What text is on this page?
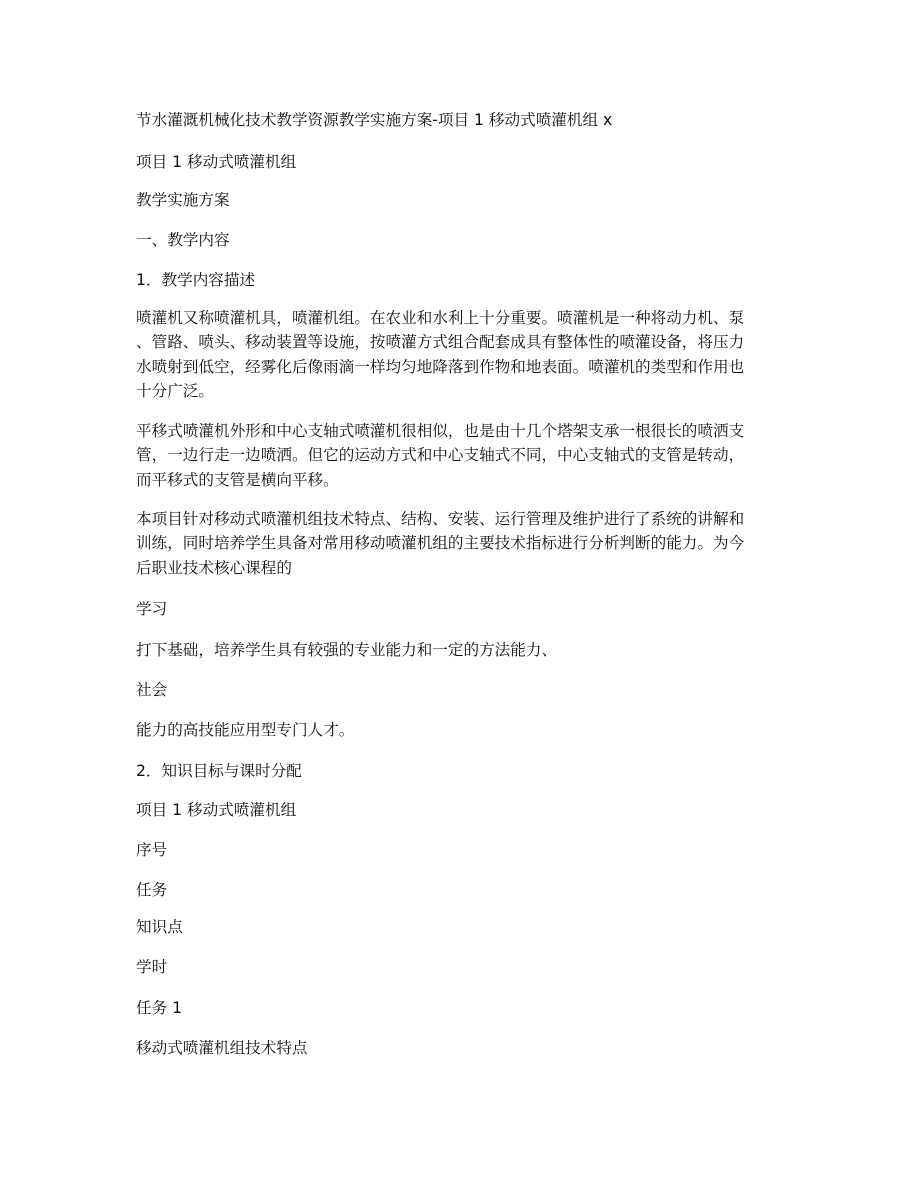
节水灌溉机械化技术教学资源教学实施方案-项目 1 移动式喷灌机组 x
项目 1 移动式喷灌机组
教学实施方案
一、教学内容
1．教学内容描述
喷灌机又称喷灌机具，喷灌机组。在农业和水利上十分重要。喷灌机是一种将动力机、泵
、管路、喷头、移动装置等设施，按喷灌方式组合配套成具有整体性的喷灌设备，将压力
水喷射到低空，经雾化后像雨滴一样均匀地降落到作物和地表面。喷灌机的类型和作用也
十分广泛。
平移式喷灌机外形和中心支轴式喷灌机很相似，也是由十几个塔架支承一根很长的喷洒支
管，一边行走一边喷洒。但它的运动方式和中心支轴式不同，中心支轴式的支管是转动，
而平移式的支管是横向平移。
本项目针对移动式喷灌机组技术特点、结构、安装、运行管理及维护进行了系统的讲解和
训练，同时培养学生具备对常用移动喷灌机组的主要技术指标进行分析判断的能力。为今
后职业技术核心课程的
学习
打下基础，培养学生具有较强的专业能力和一定的方法能力、
社会
能力的高技能应用型专门人才。
2．知识目标与课时分配
项目 1 移动式喷灌机组
序号
任务
知识点
学时
任务 1
移动式喷灌机组技术特点
